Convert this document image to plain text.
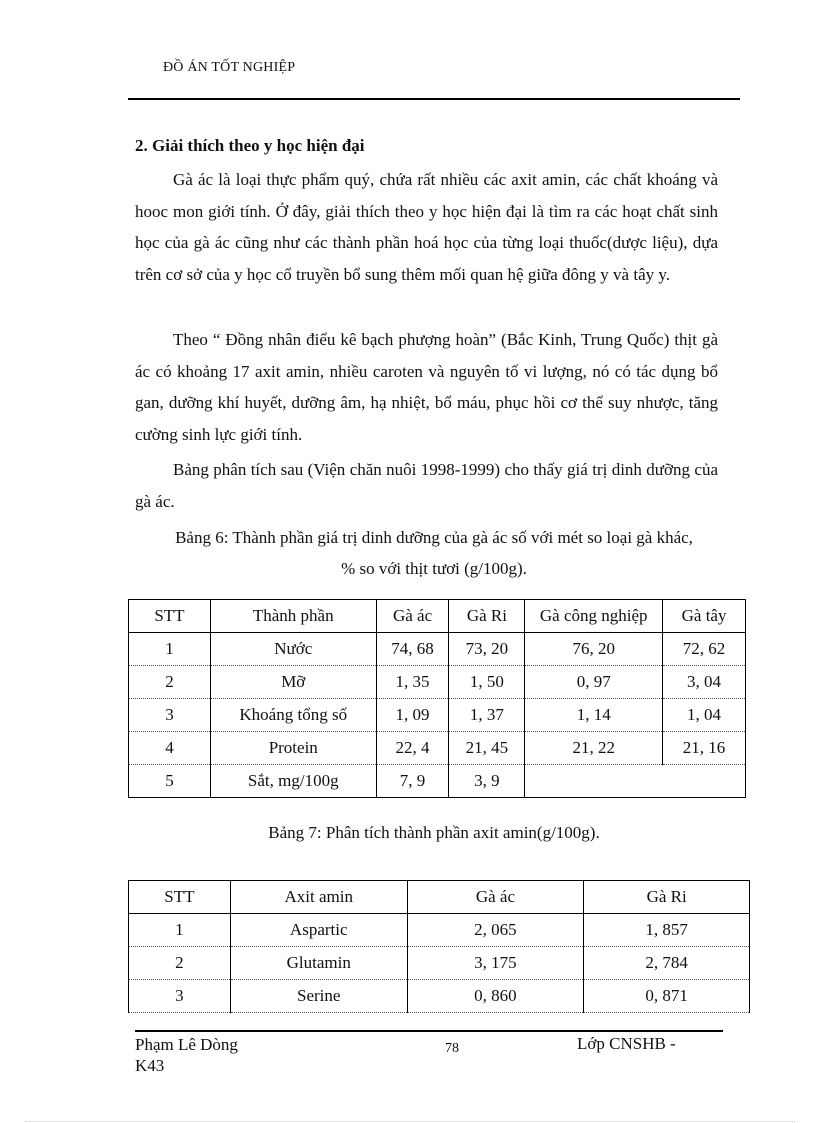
ĐỒ ÁN TỐT NGHIỆP
2. Giải thích theo y học hiện đại

Gà ác là loại thực phẩm quý, chứa rất nhiều các axit amin, các chất khoáng và hooc mon giới tính. Ở đây, giải thích theo y học hiện đại là tìm ra các hoạt chất sinh học của gà ác cũng như các thành phần hoá học của từng loại thuốc(dược liệu), dựa trên cơ sở của y học cổ truyền bổ sung thêm mối quan hệ giữa đông y và tây y.

Theo “ Đồng nhân điểu kê bạch phượng hoàn” (Bắc Kinh, Trung Quốc) thịt gà ác có khoảng 17 axit amin, nhiều caroten và nguyên tố vi lượng, nó có tác dụng bổ gan, dưỡng khí huyết, dưỡng âm, hạ nhiệt, bổ máu, phục hồi cơ thể suy nhược, tăng cường sinh lực giới tính.

Bảng phân tích sau (Viện chăn nuôi 1998-1999) cho thấy giá trị dinh dưỡng của gà ác.

Bảng 6: Thành phần giá trị dinh dưỡng của gà ác số với mét so loại gà khác,
% so với thịt tươi (g/100g).

STT	Thành phần	Gà ác	Gà Ri	Gà công nghiệp	Gà tây
1	Nước	74, 68	73, 20	76, 20	72, 62
2	Mỡ	1, 35	1, 50	0, 97	3, 04
3	Khoáng tổng số	1, 09	1, 37	1, 14	1, 04
4	Protein	22, 4	21, 45	21, 22	21, 16
5	Sắt, mg/100g	7, 9	3, 9		
Bảng 7: Phân tích thành phần axit amin(g/100g).
STT	Axit amin	Gà ác	Gà Ri
1	Aspartic	2, 065	1, 857
2	Glutamin	3, 175	2, 784
3	Serine	0, 860	0, 871
Phạm Lê Dòng
K43
78	Lớp CNSHB -
